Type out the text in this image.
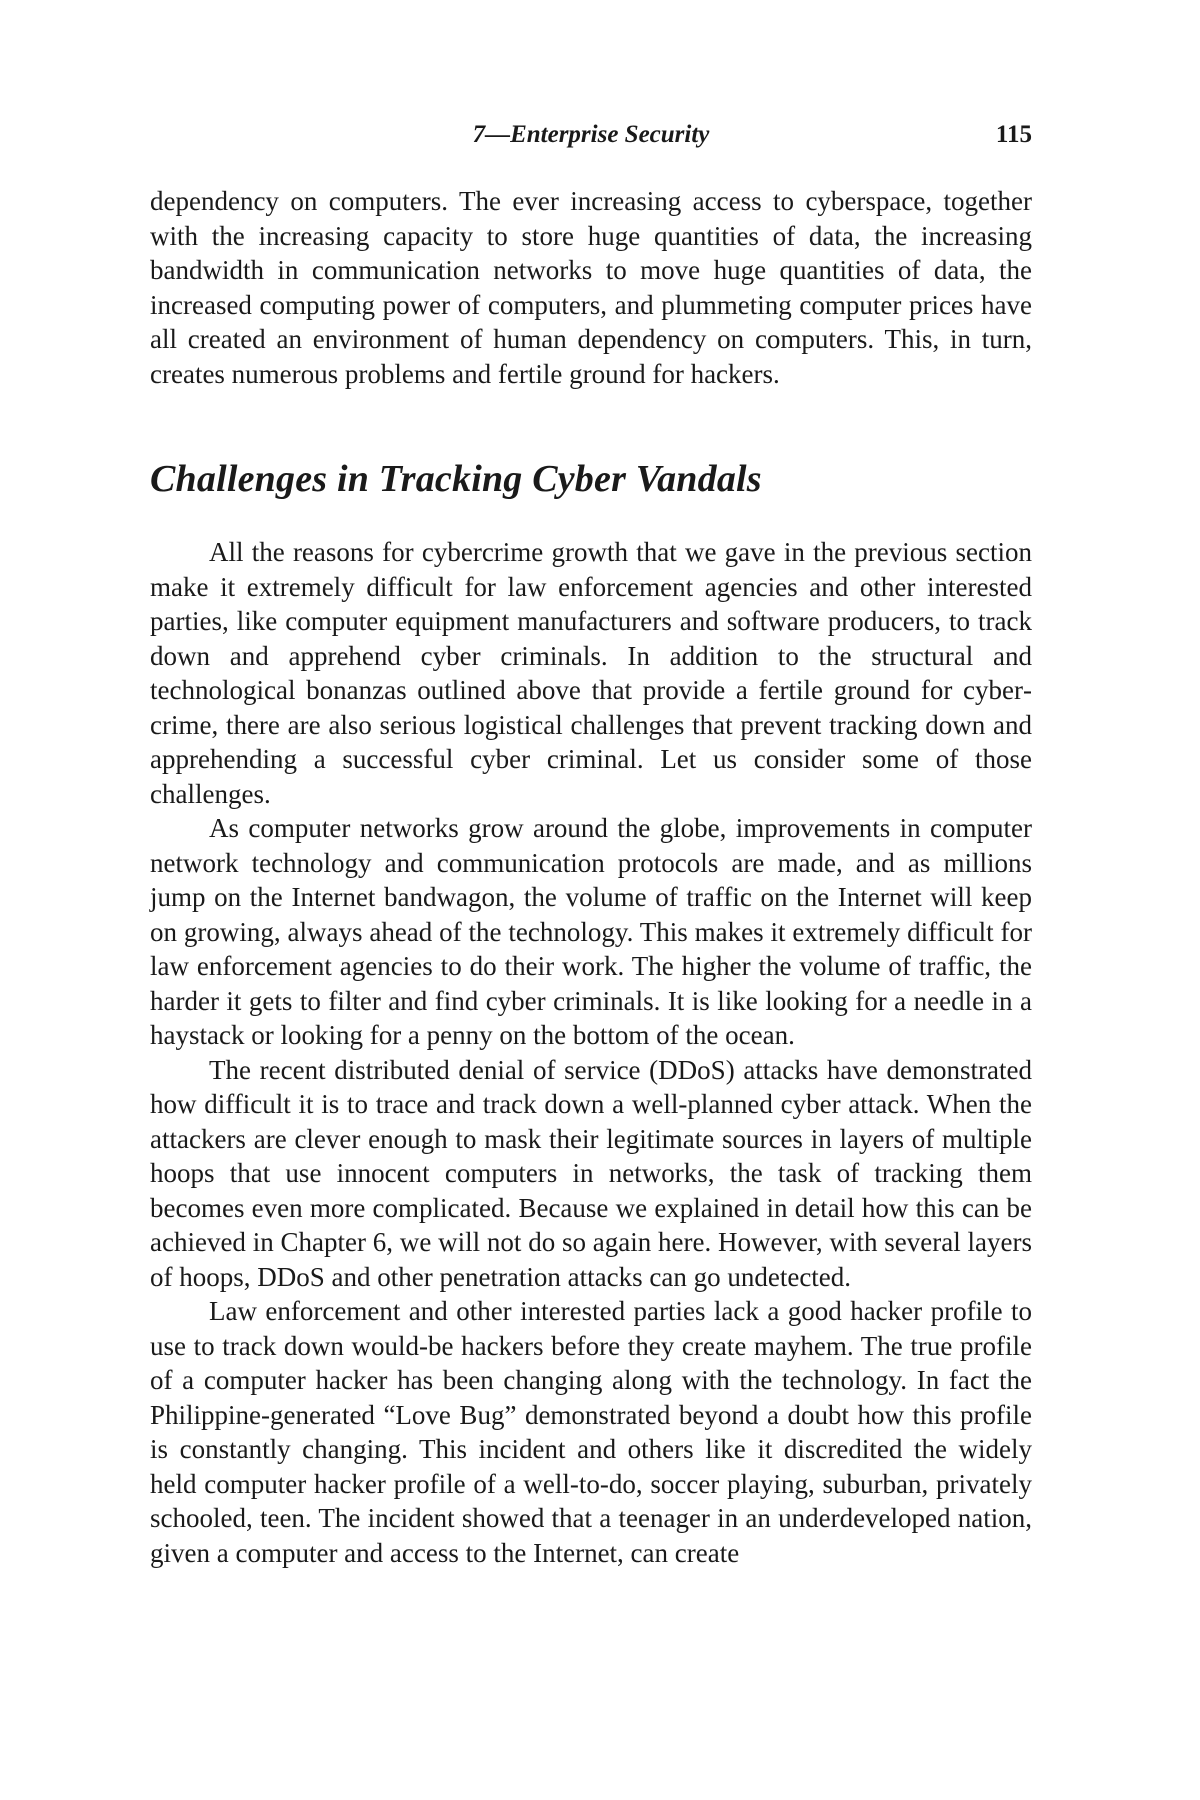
7—Enterprise Security	115

dependency on computers. The ever increasing access to cyberspace, together with the increasing capacity to store huge quantities of data, the increasing bandwidth in communication networks to move huge quantities of data, the increased computing power of computers, and plummeting computer prices have all created an environment of human dependency on computers. This, in turn, creates numerous problems and fertile ground for hackers.

Challenges in Tracking Cyber Vandals

All the reasons for cybercrime growth that we gave in the previous section make it extremely difficult for law enforcement agencies and other interested parties, like computer equipment manufacturers and software producers, to track down and apprehend cyber criminals. In addition to the structural and technological bonanzas outlined above that provide a fertile ground for cybercrime, there are also serious logistical challenges that prevent tracking down and apprehending a successful cyber criminal. Let us consider some of those challenges.

As computer networks grow around the globe, improvements in computer network technology and communication protocols are made, and as millions jump on the Internet bandwagon, the volume of traffic on the Internet will keep on growing, always ahead of the technology. This makes it extremely difficult for law enforcement agencies to do their work. The higher the volume of traffic, the harder it gets to filter and find cyber criminals. It is like looking for a needle in a haystack or looking for a penny on the bottom of the ocean.

The recent distributed denial of service (DDoS) attacks have demonstrated how difficult it is to trace and track down a well-planned cyber attack. When the attackers are clever enough to mask their legitimate sources in layers of multiple hoops that use innocent computers in networks, the task of tracking them becomes even more complicated. Because we explained in detail how this can be achieved in Chapter 6, we will not do so again here. However, with several layers of hoops, DDoS and other penetration attacks can go undetected.

Law enforcement and other interested parties lack a good hacker profile to use to track down would-be hackers before they create mayhem. The true profile of a computer hacker has been changing along with the technology. In fact the Philippine-generated “Love Bug” demonstrated beyond a doubt how this profile is constantly changing. This incident and others like it discredited the widely held computer hacker profile of a well-to-do, soccer playing, suburban, privately schooled, teen. The incident showed that a teenager in an underdeveloped nation, given a computer and access to the Internet, can create
